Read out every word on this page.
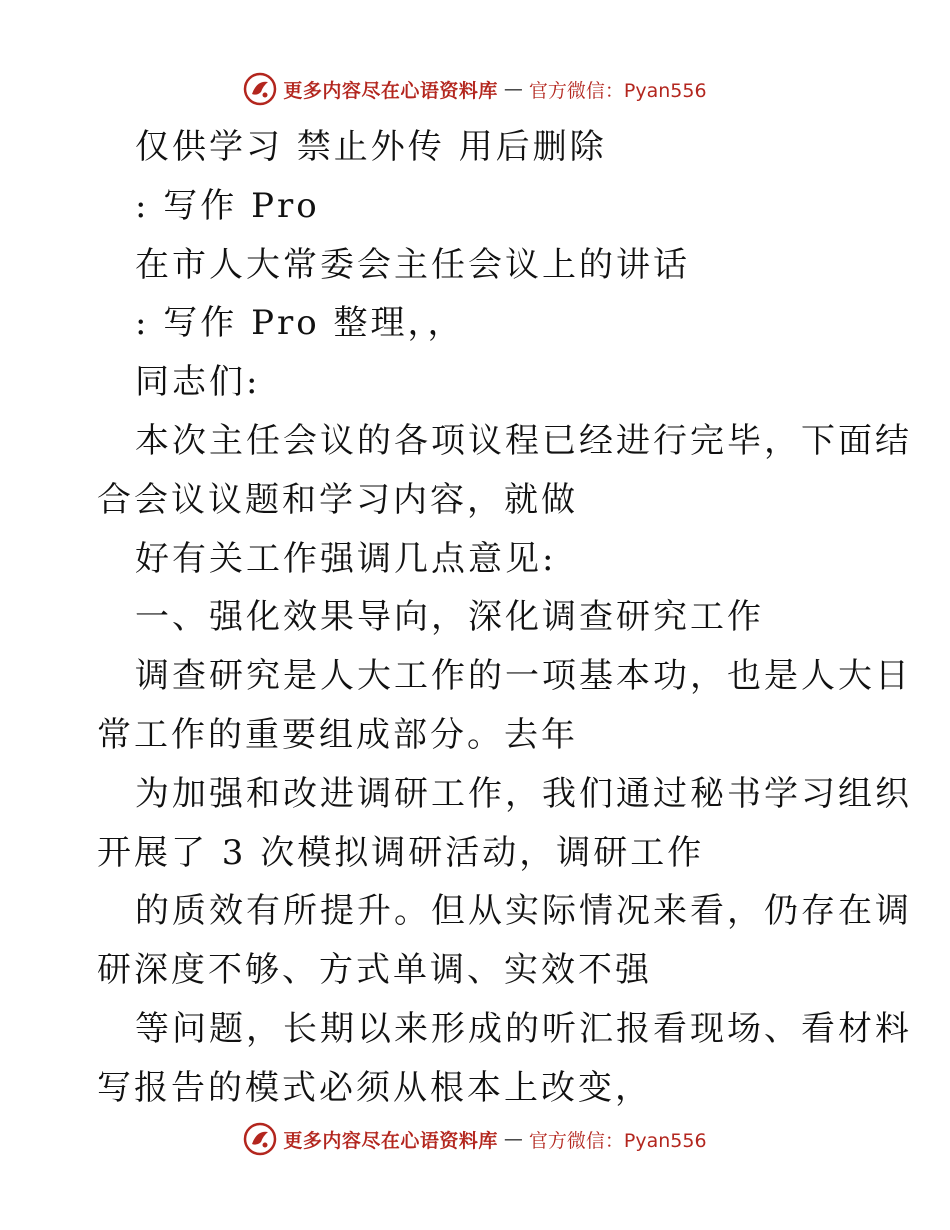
更多内容尽在心语资料库 — 官方微信：Pyan556
仅供学习 禁止外传 用后删除
: 写作 Pro
在市人大常委会主任会议上的讲话
: 写作 Pro 整理，，
同志们:
本次主任会议的各项议程已经进行完毕，下面结
合会议议题和学习内容，就做
好有关工作强调几点意见:
一、强化效果导向，深化调查研究工作
调查研究是人大工作的一项基本功，也是人大日
常工作的重要组成部分。去年
为加强和改进调研工作，我们通过秘书学习组织
开展了 3 次模拟调研活动，调研工作
的质效有所提升。但从实际情况来看，仍存在调
研深度不够、方式单调、实效不强
等问题，长期以来形成的听汇报看现场、看材料
写报告的模式必须从根本上改变，
更多内容尽在心语资料库 — 官方微信：Pyan556
